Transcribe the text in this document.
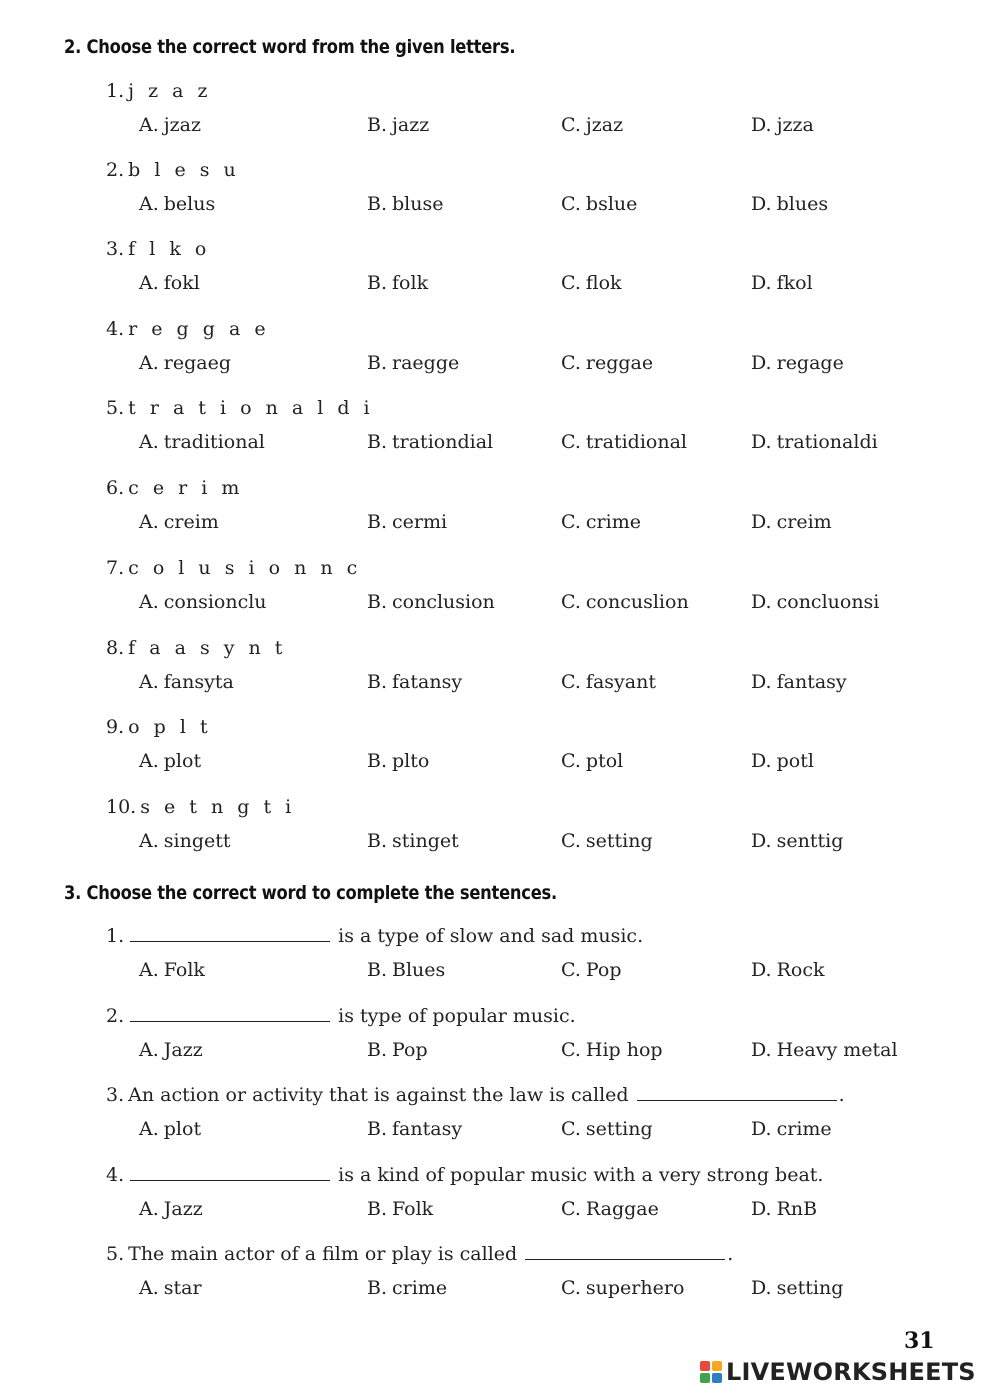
2. Choose the correct word from the given letters.
1. j z a z
A. jzaz	B. jazz	C. jzaz	D. jzza
2. b l e s u
A. belus	B. bluse	C. bslue	D. blues
3. f l k o
A. fokl	B. folk	C. flok	D. fkol
4. r e g g a e
A. regaeg	B. raegge	C. reggae	D. regage
5. t r a t i o n a l d i
A. traditional	B. trationdial	C. tratidional	D. trationaldi
6. c e r i m
A. creim	B. cermi	C. crime	D. creim
7. c o l u s i o n n c
A. consionclu	B. conclusion	C. concuslion	D. concluonsi
8. f a a s y n t
A. fansyta	B. fatansy	C. fasyant	D. fantasy
9. o p l t
A. plot	B. plto	C. ptol	D. potl
10. s e t n g t i
A. singett	B. stinget	C. setting	D. senttig
3. Choose the correct word to complete the sentences.
1.	is a type of slow and sad music.
A. Folk	B. Blues	C. Pop	D. Rock
2.	is type of popular music.
A. Jazz	B. Pop	C. Hip hop	D. Heavy metal
3. An action or activity that is against the law is called	.
A. plot	B. fantasy	C. setting	D. crime
4.	is a kind of popular music with a very strong beat.
A. Jazz	B. Folk	C. Raggae	D. RnB
5. The main actor of a film or play is called	.
A. star	B. crime	C. superhero	D. setting
31
LIVEWORKSHEETS
